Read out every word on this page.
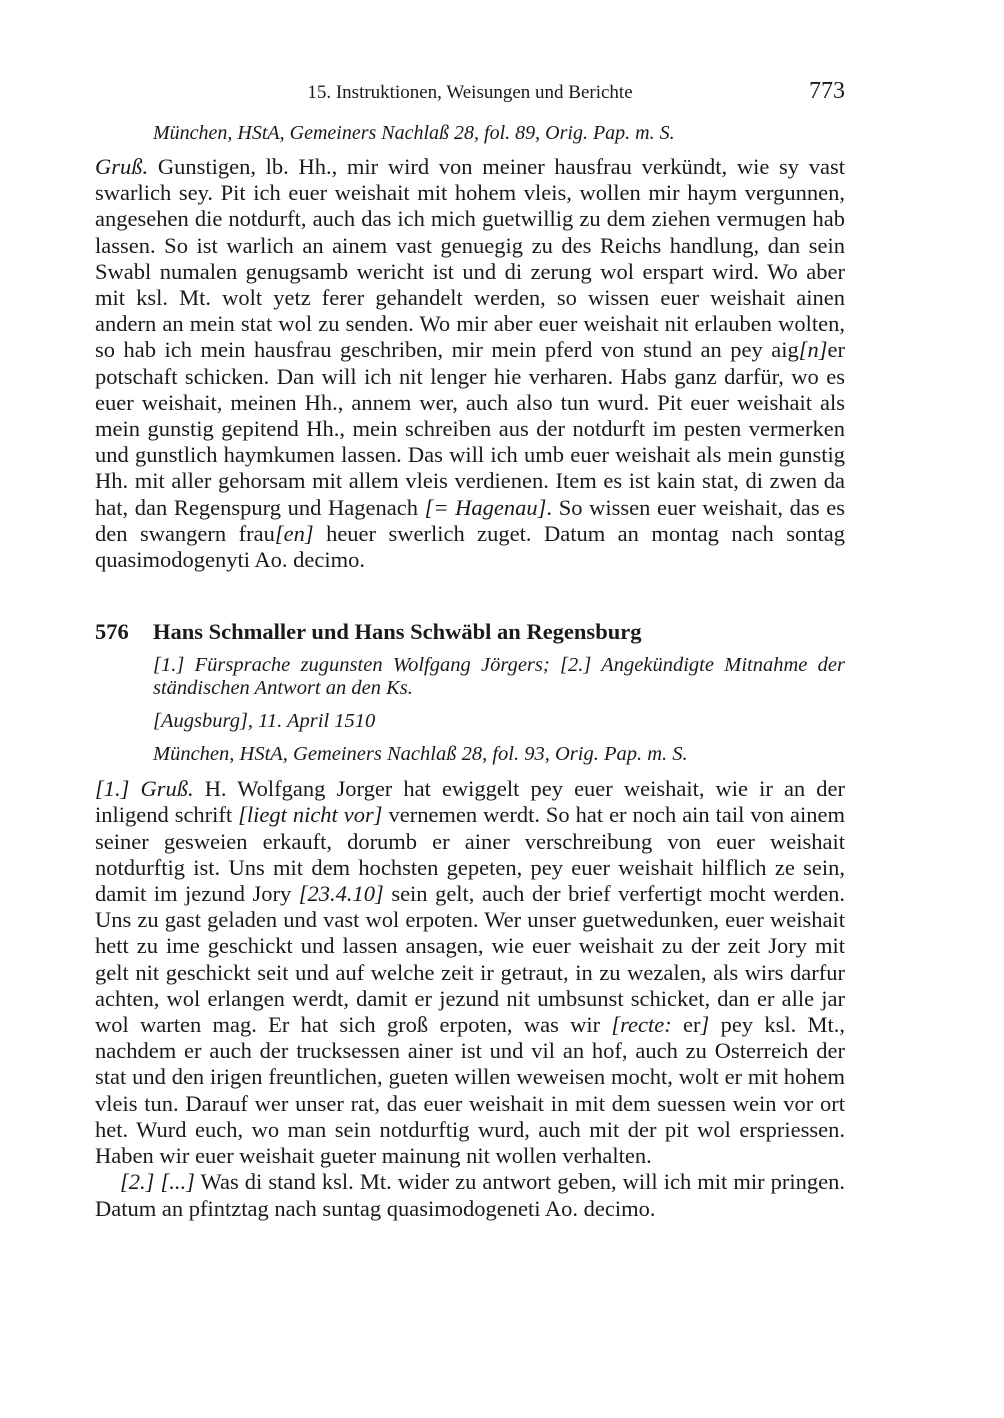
15. Instruktionen, Weisungen und Berichte	773

München, HStA, Gemeiners Nachlaß 28, fol. 89, Orig. Pap. m. S.

Gruß. Gunstigen, lb. Hh., mir wird von meiner hausfrau verkündt, wie sy vast swarlich sey. Pit ich euer weishait mit hohem vleis, wollen mir haym vergunnen, angesehen die notdurft, auch das ich mich guetwillig zu dem ziehen vermugen hab lassen. So ist warlich an ainem vast genuegig zu des Reichs handlung, dan sein Swabl numalen genugsamb wericht ist und di zerung wol erspart wird. Wo aber mit ksl. Mt. wolt yetz ferer gehandelt werden, so wissen euer weishait ainen andern an mein stat wol zu senden. Wo mir aber euer weishait nit erlauben wolten, so hab ich mein hausfrau geschriben, mir mein pferd von stund an pey aig[n]er potschaft schicken. Dan will ich nit lenger hie verharen. Habs ganz darfür, wo es euer weishait, meinen Hh., annem wer, auch also tun wurd. Pit euer weishait als mein gunstig gepitend Hh., mein schreiben aus der notdurft im pesten vermerken und gunstlich haymkumen lassen. Das will ich umb euer weishait als mein gunstig Hh. mit aller gehorsam mit allem vleis verdienen. Item es ist kain stat, di zwen da hat, dan Regenspurg und Hagenach [= Hagenau]. So wissen euer weishait, das es den swangern frau[en] heuer swerlich zuget. Datum an montag nach sontag quasimodogenyti Ao. decimo.

576 Hans Schmaller und Hans Schwäbl an Regensburg

[1.] Fürsprache zugunsten Wolfgang Jörgers; [2.] Angekündigte Mitnahme der ständischen Antwort an den Ks.

[Augsburg], 11. April 1510

München, HStA, Gemeiners Nachlaß 28, fol. 93, Orig. Pap. m. S.

[1.] Gruß. H. Wolfgang Jorger hat ewiggelt pey euer weishait, wie ir an der inligend schrift [liegt nicht vor] vernemen werdt. So hat er noch ain tail von ainem seiner gesweien erkauft, dorumb er ainer verschreibung von euer weishait notdurftig ist. Uns mit dem hochsten gepeten, pey euer weishait hilflich ze sein, damit im jezund Jory [23.4.10] sein gelt, auch der brief verfertigt mocht werden. Uns zu gast geladen und vast wol erpoten. Wer unser guetwedunken, euer weishait hett zu ime geschickt und lassen ansagen, wie euer weishait zu der zeit Jory mit gelt nit geschickt seit und auf welche zeit ir getraut, in zu wezalen, als wirs darfur achten, wol erlangen werdt, damit er jezund nit umbsunst schicket, dan er alle jar wol warten mag. Er hat sich groß erpoten, was wir [recte: er] pey ksl. Mt., nachdem er auch der trucksessen ainer ist und vil an hof, auch zu Osterreich der stat und den irigen freuntlichen, gueten willen weweisen mocht, wolt er mit hohem vleis tun. Darauf wer unser rat, das euer weishait in mit dem suessen wein vor ort het. Wurd euch, wo man sein notdurftig wurd, auch mit der pit wol erspriessen. Haben wir euer weishait gueter mainung nit wollen verhalten.

[2.] [...] Was di stand ksl. Mt. wider zu antwort geben, will ich mit mir pringen. Datum an pfintztag nach suntag quasimodogeneti Ao. decimo.
